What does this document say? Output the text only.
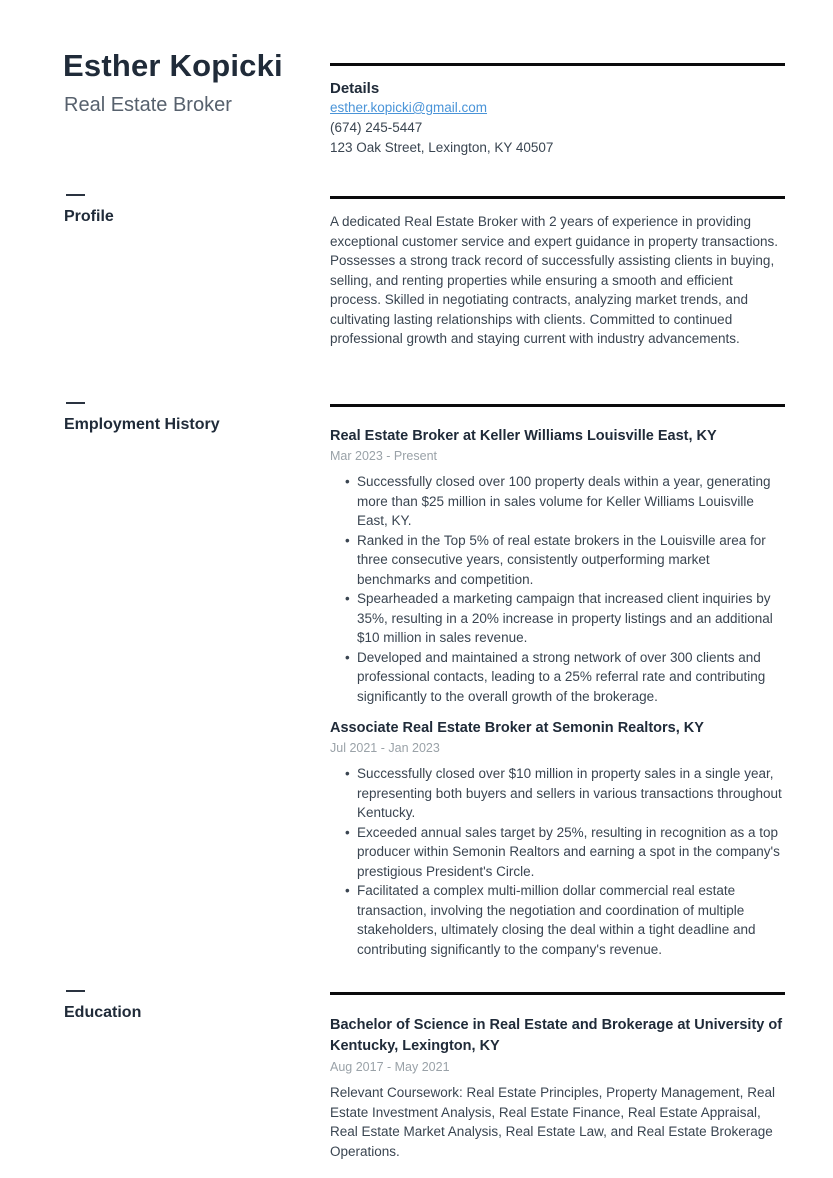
Esther Kopicki
Real Estate Broker
Details
esther.kopicki@gmail.com
(674) 245-5447
123 Oak Street, Lexington, KY 40507
Profile	A dedicated Real Estate Broker with 2 years of experience in providing exceptional customer service and expert guidance in property transactions. Possesses a strong track record of successfully assisting clients in buying, selling, and renting properties while ensuring a smooth and efficient process. Skilled in negotiating contracts, analyzing market trends, and cultivating lasting relationships with clients. Committed to continued professional growth and staying current with industry advancements.
Employment History
Real Estate Broker at Keller Williams Louisville East, KY
Mar 2023 - Present
• Successfully closed over 100 property deals within a year, generating more than $25 million in sales volume for Keller Williams Louisville East, KY.
• Ranked in the Top 5% of real estate brokers in the Louisville area for three consecutive years, consistently outperforming market benchmarks and competition.
• Spearheaded a marketing campaign that increased client inquiries by 35%, resulting in a 20% increase in property listings and an additional $10 million in sales revenue.
• Developed and maintained a strong network of over 300 clients and professional contacts, leading to a 25% referral rate and contributing significantly to the overall growth of the brokerage.
Associate Real Estate Broker at Semonin Realtors, KY
Jul 2021 - Jan 2023
• Successfully closed over $10 million in property sales in a single year, representing both buyers and sellers in various transactions throughout Kentucky.
• Exceeded annual sales target by 25%, resulting in recognition as a top producer within Semonin Realtors and earning a spot in the company's prestigious President's Circle.
• Facilitated a complex multi-million dollar commercial real estate transaction, involving the negotiation and coordination of multiple stakeholders, ultimately closing the deal within a tight deadline and contributing significantly to the company's revenue.
Education
Bachelor of Science in Real Estate and Brokerage at University of Kentucky, Lexington, KY
Aug 2017 - May 2021
Relevant Coursework: Real Estate Principles, Property Management, Real Estate Investment Analysis, Real Estate Finance, Real Estate Appraisal, Real Estate Market Analysis, Real Estate Law, and Real Estate Brokerage Operations.
